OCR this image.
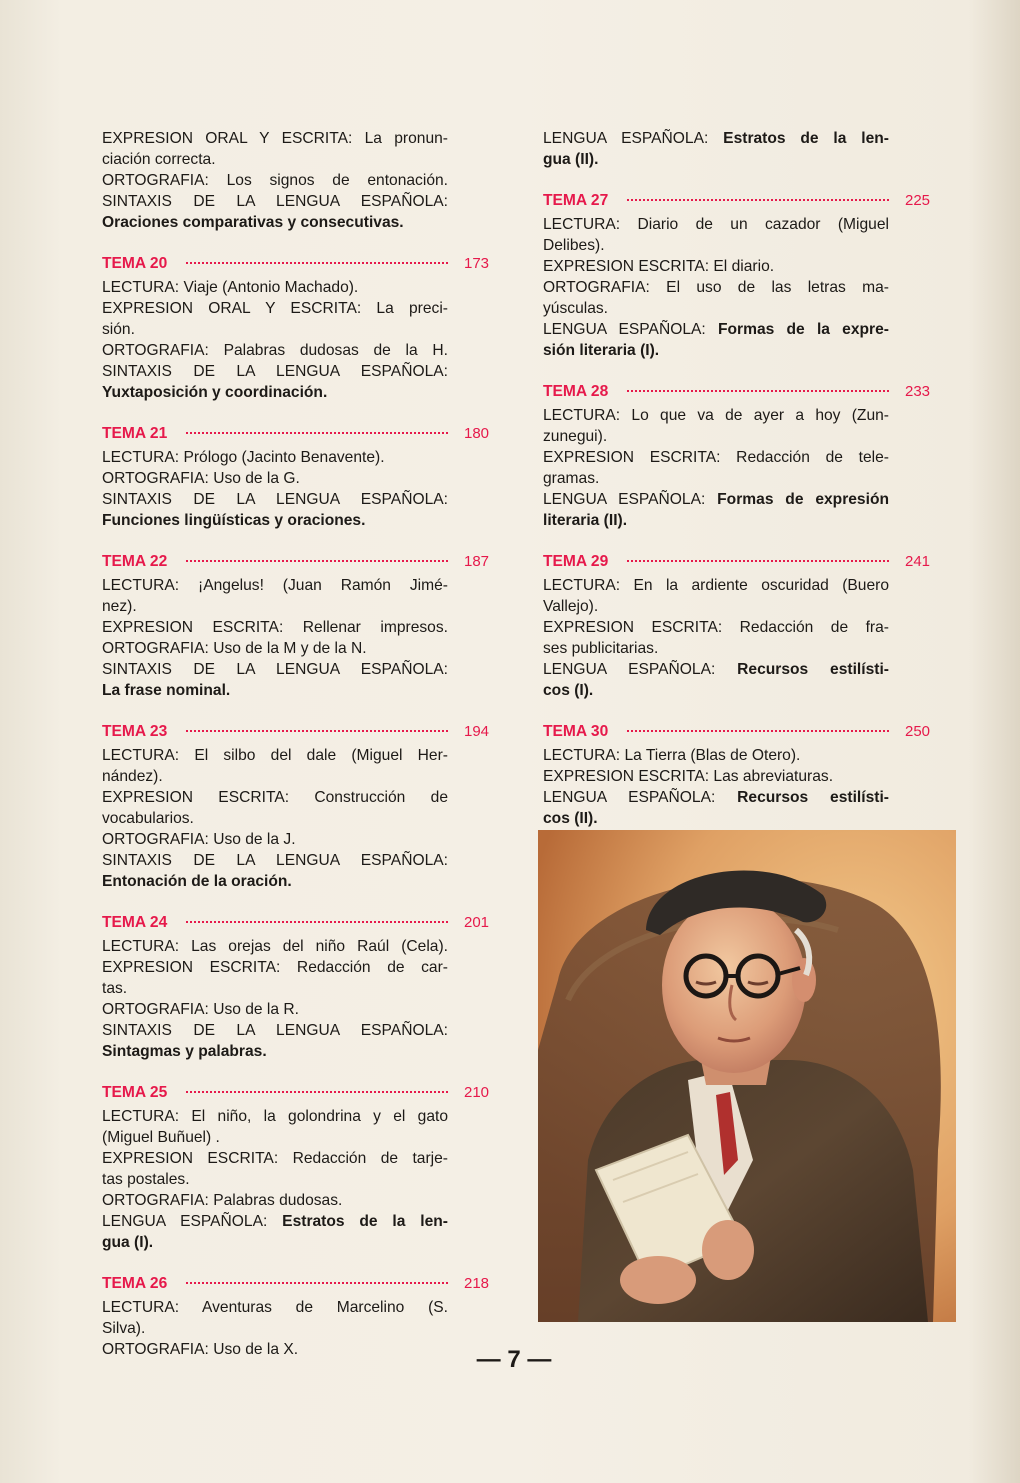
EXPRESION ORAL Y ESCRITA: La pronun-
ciación correcta.
ORTOGRAFIA: Los signos de entonación.
SINTAXIS DE LA LENGUA ESPAÑOLA:
Oraciones comparativas y consecutivas.
TEMA 20	173
LECTURA: Viaje (Antonio Machado).
EXPRESION ORAL Y ESCRITA: La preci-
sión.
ORTOGRAFIA: Palabras dudosas de la H.
SINTAXIS DE LA LENGUA ESPAÑOLA:
Yuxtaposición y coordinación.
TEMA 21	180
LECTURA: Prólogo (Jacinto Benavente).
ORTOGRAFIA: Uso de la G.
SINTAXIS DE LA LENGUA ESPAÑOLA:
Funciones lingüísticas y oraciones.
TEMA 22	187
LECTURA: ¡Angelus! (Juan Ramón Jimé-
nez).
EXPRESION ESCRITA: Rellenar impresos.
ORTOGRAFIA: Uso de la M y de la N.
SINTAXIS DE LA LENGUA ESPAÑOLA:
La frase nominal.
TEMA 23	194
LECTURA: El silbo del dale (Miguel Her-
nández).
EXPRESION ESCRITA: Construcción de
vocabularios.
ORTOGRAFIA: Uso de la J.
SINTAXIS DE LA LENGUA ESPAÑOLA:
Entonación de la oración.
TEMA 24	201
LECTURA: Las orejas del niño Raúl (Cela).
EXPRESION ESCRITA: Redacción de car-
tas.
ORTOGRAFIA: Uso de la R.
SINTAXIS DE LA LENGUA ESPAÑOLA:
Sintagmas y palabras.
TEMA 25	210
LECTURA: El niño, la golondrina y el gato
(Miguel Buñuel) .
EXPRESION ESCRITA: Redacción de tarje-
tas postales.
ORTOGRAFIA: Palabras dudosas.
LENGUA ESPAÑOLA: Estratos de la len-
gua (I).
TEMA 26	218
LECTURA: Aventuras de Marcelino (S.
Silva).
ORTOGRAFIA: Uso de la X.
LENGUA ESPAÑOLA: Estratos de la len-
gua (II).
TEMA 27	225
LECTURA: Diario de un cazador (Miguel
Delibes).
EXPRESION ESCRITA: El diario.
ORTOGRAFIA: El uso de las letras ma-
yúsculas.
LENGUA ESPAÑOLA: Formas de la expre-
sión literaria (I).
TEMA 28	233
LECTURA: Lo que va de ayer a hoy (Zun-
zunegui).
EXPRESION ESCRITA: Redacción de tele-
gramas.
LENGUA ESPAÑOLA: Formas de expresión
literaria (II).
TEMA 29	241
LECTURA: En la ardiente oscuridad (Buero
Vallejo).
EXPRESION ESCRITA: Redacción de fra-
ses publicitarias.
LENGUA ESPAÑOLA: Recursos estilísti-
cos (I).
TEMA 30	250
LECTURA: La Tierra (Blas de Otero).
EXPRESION ESCRITA: Las abreviaturas.
LENGUA ESPAÑOLA: Recursos estilísti-
cos (II).
— 7 —
